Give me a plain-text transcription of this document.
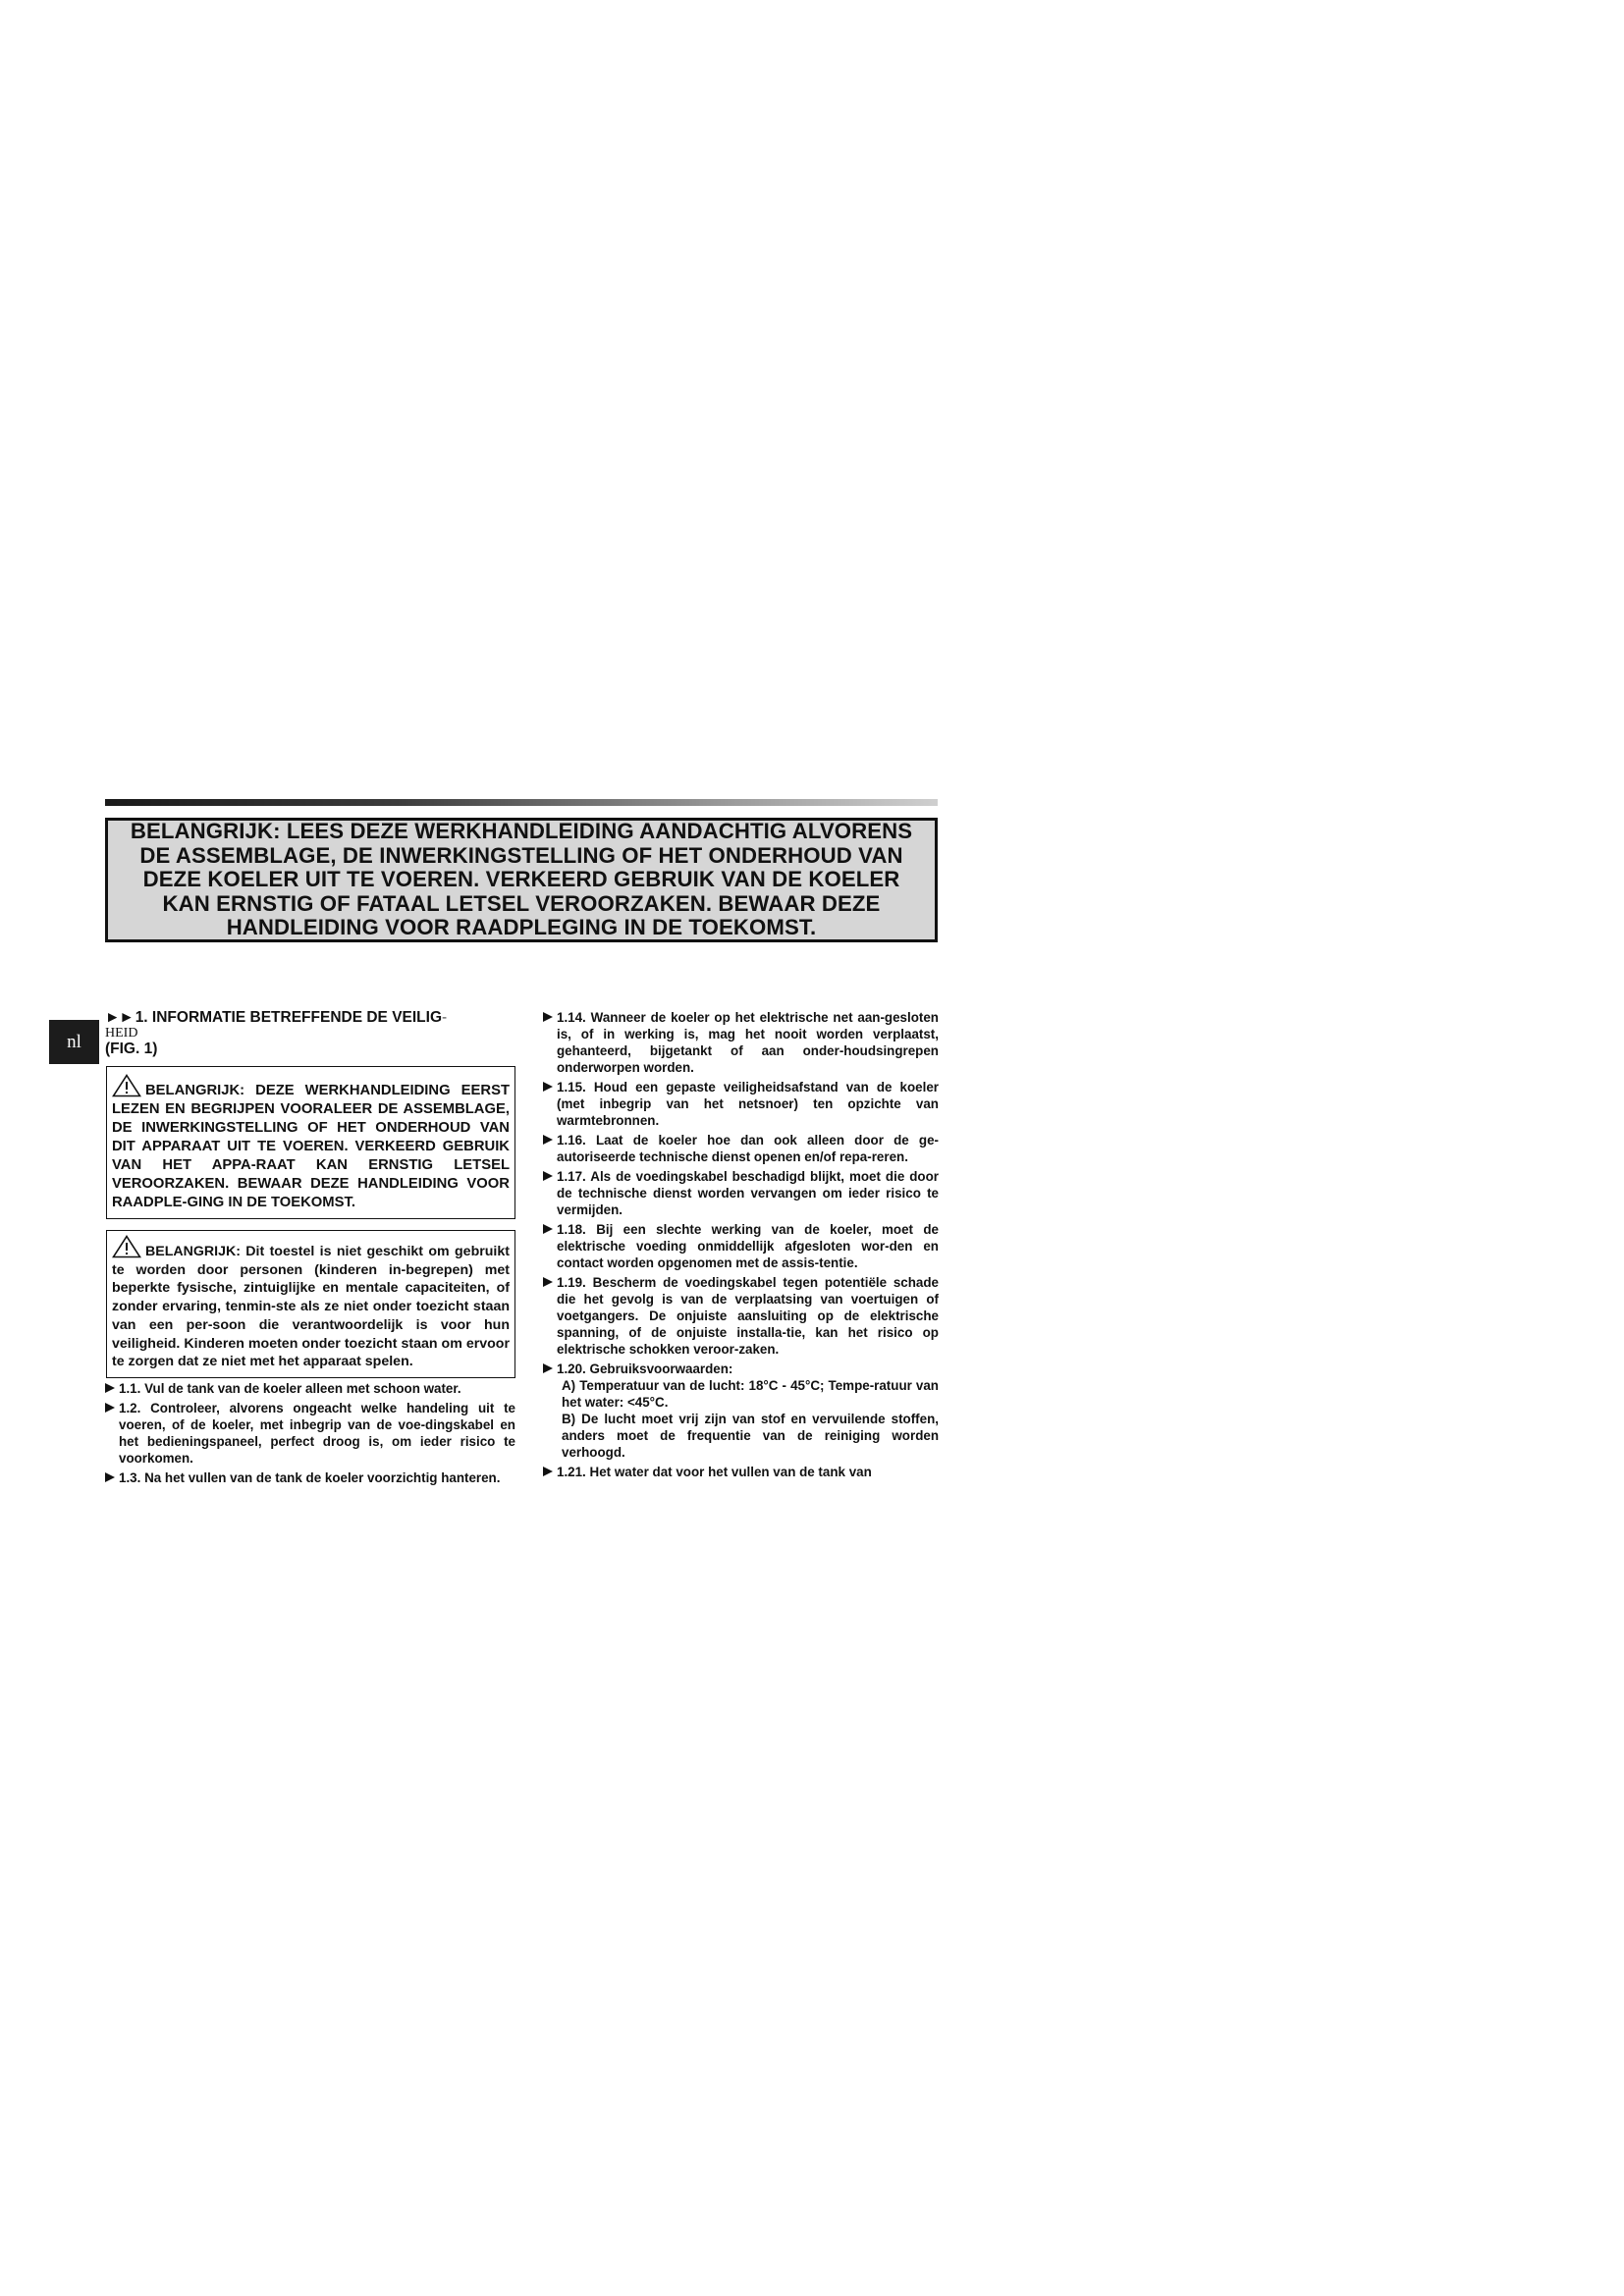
BELANGRIJK: LEES DEZE WERKHANDLEIDING AANDACHTIG ALVORENS DE ASSEMBLAGE, DE INWERKINGSTELLING OF HET ONDERHOUD VAN DEZE KOELER UIT TE VOEREN. VERKEERD GEBRUIK VAN DE KOELER KAN ERNSTIG OF FATAAL LETSEL VEROORZAKEN. BEWAAR DEZE HANDLEIDING VOOR RAADPLEGING IN DE TOEKOMST.

nl

►► 1. INFORMATIE BETREFFENDE DE VEILIG-

HEID

(FIG. 1)

BELANGRIJK: DEZE WERKHANDLEIDING EERST LEZEN EN BEGRIJPEN VOORALEER DE ASSEMBLAGE, DE INWERKINGSTELLING OF HET ONDERHOUD VAN DIT APPARAAT UIT TE VOEREN. VERKEERD GEBRUIK VAN HET APPA-RAAT KAN ERNSTIG LETSEL VEROORZAKEN. BEWAAR DEZE HANDLEIDING VOOR RAADPLE-GING IN DE TOEKOMST.
BELANGRIJK: Dit toestel is niet geschikt om gebruikt te worden door personen (kinderen in-begrepen) met beperkte fysische, zintuiglijke en mentale capaciteiten, of zonder ervaring, tenmin-ste als ze niet onder toezicht staan van een per-soon die verantwoordelijk is voor hun veiligheid. Kinderen moeten onder toezicht staan om ervoor te zorgen dat ze niet met het apparaat spelen.
1.1. Vul de tank van de koeler alleen met schoon water.
1.2. Controleer, alvorens ongeacht welke handeling uit te voeren, of de koeler, met inbegrip van de voe-dingskabel en het bedieningspaneel, perfect droog is, om ieder risico te voorkomen.
1.3. Na het vullen van de tank de koeler voorzichtig hanteren.
1.14. Wanneer de koeler op het elektrische net aan-gesloten is, of in werking is, mag het nooit worden verplaatst, gehanteerd, bijgetankt of aan onder-houdsingrepen onderworpen worden.
1.15. Houd een gepaste veiligheidsafstand van de koeler (met inbegrip van het netsnoer) ten opzichte van warmtebronnen.
1.16. Laat de koeler hoe dan ook alleen door de ge-autoriseerde technische dienst openen en/of repa-reren.
1.17. Als de voedingskabel beschadigd blijkt, moet die door de technische dienst worden vervangen om ieder risico te vermijden.
1.18. Bij een slechte werking van de koeler, moet de elektrische voeding onmiddellijk afgesloten wor-den en contact worden opgenomen met de assis-tentie.
1.19. Bescherm de voedingskabel tegen potentiële schade die het gevolg is van de verplaatsing van voertuigen of voetgangers. De onjuiste aansluiting op de elektrische spanning, of de onjuiste installa-tie, kan het risico op elektrische schokken veroor-zaken.
1.20. Gebruiksvoorwaarden:
A) Temperatuur van de lucht: 18°C - 45°C; Tempe-ratuur van het water: <45°C.
B) De lucht moet vrij zijn van stof en vervuilende stoffen, anders moet de frequentie van de reiniging worden verhoogd.
1.21. Het water dat voor het vullen van de tank van
